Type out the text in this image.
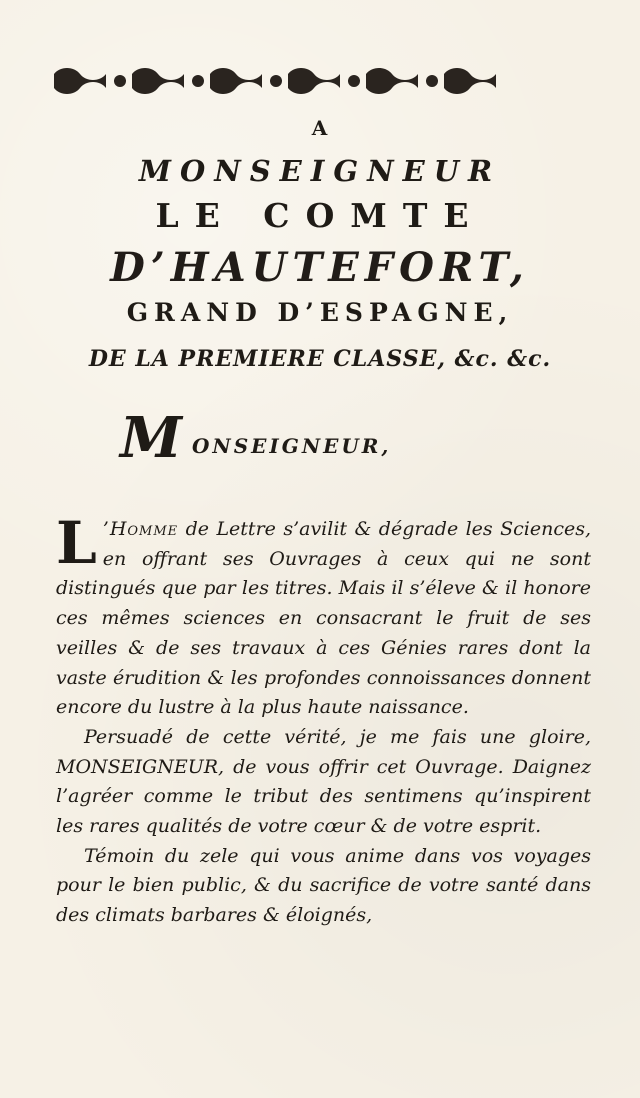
A
MONSEIGNEUR
LE COMTE
D’HAUTEFORT,
GRAND D’ESPAGNE,
DE LA PREMIERE CLASSE, &c. &c.
M ONSEIGNEUR,

L ’Homme de Lettre s’avilit & dégrade les Sciences, en offrant ses Ouvrages à ceux qui ne sont distingués que par les titres. Mais il s’éleve & il honore ces mêmes sciences en consacrant le fruit de ses veilles & de ses travaux à ces Génies rares dont la vaste érudition & les profondes connoissances donnent encore du lustre à la plus haute naissance.

Persuadé de cette vérité, je me fais une gloire, MONSEIGNEUR, de vous offrir cet Ouvrage. Daignez l’agréer comme le tribut des sentimens qu’inspirent les rares qualités de votre cœur & de votre esprit.

Témoin du zele qui vous anime dans vos voyages pour le bien public, & du sacrifice de votre santé dans des climats barbares & éloignés,
